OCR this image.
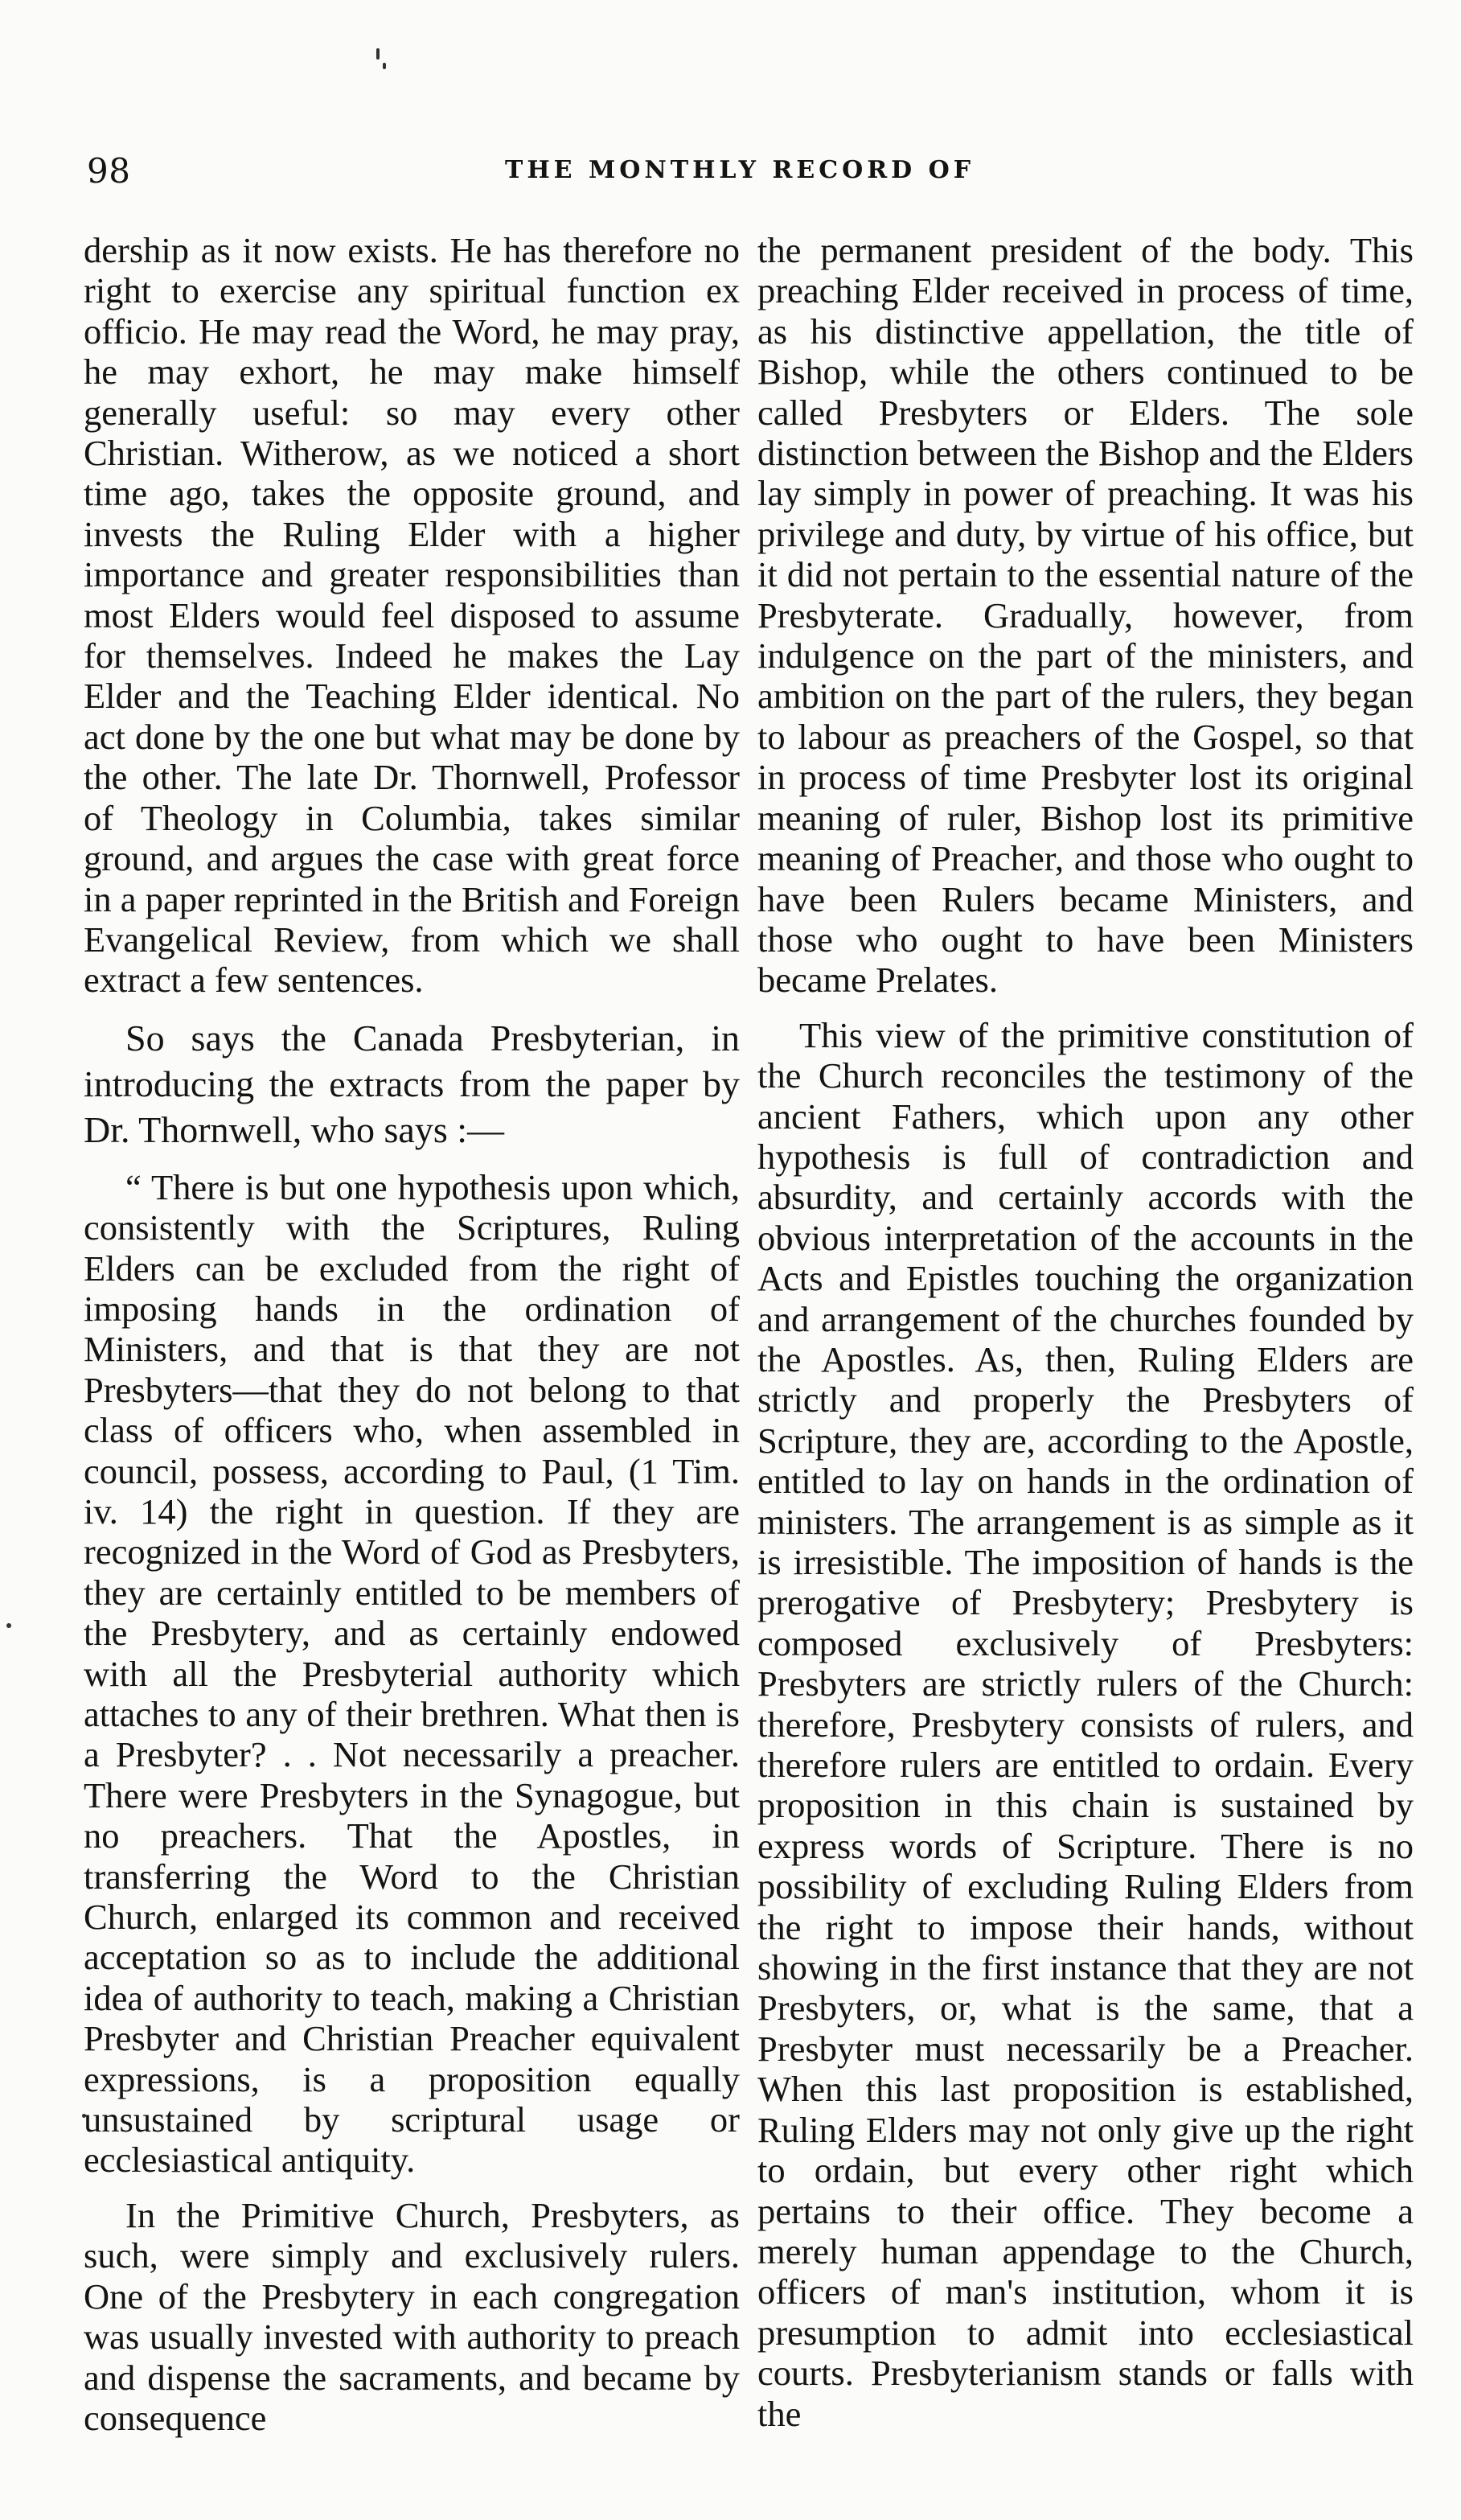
98	THE MONTHLY RECORD OF

dership as it now exists. He has therefore no right to exercise any spiritual function ex officio. He may read the Word, he may pray, he may exhort, he may make himself generally useful: so may every other Christian. Witherow, as we noticed a short time ago, takes the opposite ground, and invests the Ruling Elder with a higher importance and greater responsibilities than most Elders would feel disposed to assume for themselves. Indeed he makes the Lay Elder and the Teaching Elder identical. No act done by the one but what may be done by the other. The late Dr. Thornwell, Professor of Theology in Columbia, takes similar ground, and argues the case with great force in a paper reprinted in the British and Foreign Evangelical Review, from which we shall extract a few sentences.

So says the Canada Presbyterian, in introducing the extracts from the paper by Dr. Thornwell, who says :—

“ There is but one hypothesis upon which, consistently with the Scriptures, Ruling Elders can be excluded from the right of imposing hands in the ordination of Ministers, and that is that they are not Presbyters—that they do not belong to that class of officers who, when assembled in council, possess, according to Paul, (1 Tim. iv. 14) the right in question. If they are recognized in the Word of God as Presbyters, they are certainly entitled to be members of the Presbytery, and as certainly endowed with all the Presbyterial authority which attaches to any of their brethren. What then is a Presbyter? . . Not necessarily a preacher. There were Presbyters in the Synagogue, but no preachers. That the Apostles, in transferring the Word to the Christian Church, enlarged its common and received acceptation so as to include the additional idea of authority to teach, making a Christian Presbyter and Christian Preacher equivalent expressions, is a proposition equally unsustained by scriptural usage or ecclesiastical antiquity.

In the Primitive Church, Presbyters, as such, were simply and exclusively rulers. One of the Presbytery in each congregation was usually invested with authority to preach and dispense the sacraments, and became by consequence

the permanent president of the body. This preaching Elder received in process of time, as his distinctive appellation, the title of Bishop, while the others continued to be called Presbyters or Elders. The sole distinction between the Bishop and the Elders lay simply in power of preaching. It was his privilege and duty, by virtue of his office, but it did not pertain to the essential nature of the Presbyterate. Gradually, however, from indulgence on the part of the ministers, and ambition on the part of the rulers, they began to labour as preachers of the Gospel, so that in process of time Presbyter lost its original meaning of ruler, Bishop lost its primitive meaning of Preacher, and those who ought to have been Rulers became Ministers, and those who ought to have been Ministers became Prelates.

This view of the primitive constitution of the Church reconciles the testimony of the ancient Fathers, which upon any other hypothesis is full of contradiction and absurdity, and certainly accords with the obvious interpretation of the accounts in the Acts and Epistles touching the organization and arrangement of the churches founded by the Apostles. As, then, Ruling Elders are strictly and properly the Presbyters of Scripture, they are, according to the Apostle, entitled to lay on hands in the ordination of ministers. The arrangement is as simple as it is irresistible. The imposition of hands is the prerogative of Presbytery; Presbytery is composed exclusively of Presbyters: Presbyters are strictly rulers of the Church: therefore, Presbytery consists of rulers, and therefore rulers are entitled to ordain. Every proposition in this chain is sustained by express words of Scripture. There is no possibility of excluding Ruling Elders from the right to impose their hands, without showing in the first instance that they are not Presbyters, or, what is the same, that a Presbyter must necessarily be a Preacher. When this last proposition is established, Ruling Elders may not only give up the right to ordain, but every other right which pertains to their office. They become a merely human appendage to the Church, officers of man's institution, whom it is presumption to admit into ecclesiastical courts. Presbyterianism stands or falls with the
